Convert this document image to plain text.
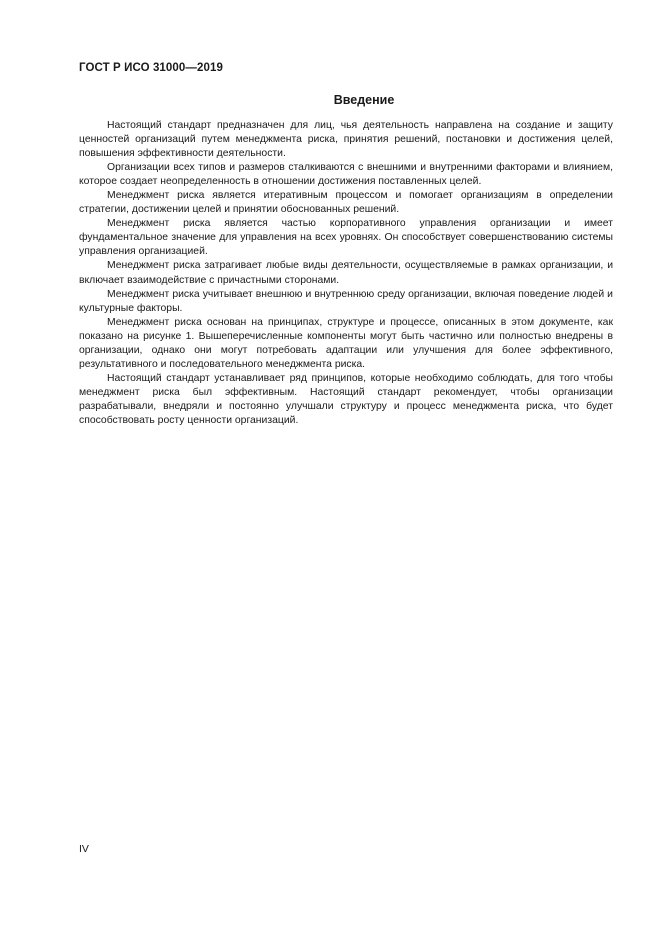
ГОСТ Р ИСО 31000—2019
Введение

Настоящий стандарт предназначен для лиц, чья деятельность направлена на создание и защиту ценностей организаций путем менеджмента риска, принятия решений, постановки и достижения целей, повышения эффективности деятельности.

Организации всех типов и размеров сталкиваются с внешними и внутренними факторами и влиянием, которое создает неопределенность в отношении достижения поставленных целей.

Менеджмент риска является итеративным процессом и помогает организациям в определении стратегии, достижении целей и принятии обоснованных решений.

Менеджмент риска является частью корпоративного управления организации и имеет фундаментальное значение для управления на всех уровнях. Он способствует совершенствованию системы управления организацией.

Менеджмент риска затрагивает любые виды деятельности, осуществляемые в рамках организации, и включает взаимодействие с причастными сторонами.

Менеджмент риска учитывает внешнюю и внутреннюю среду организации, включая поведение людей и культурные факторы.

Менеджмент риска основан на принципах, структуре и процессе, описанных в этом документе, как показано на рисунке 1. Вышеперечисленные компоненты могут быть частично или полностью внедрены в организации, однако они могут потребовать адаптации или улучшения для более эффективного, результативного и последовательного менеджмента риска.

Настоящий стандарт устанавливает ряд принципов, которые необходимо соблюдать, для того чтобы менеджмент риска был эффективным. Настоящий стандарт рекомендует, чтобы организации разрабатывали, внедряли и постоянно улучшали структуру и процесс менеджмента риска, что будет способствовать росту ценности организаций.

IV
